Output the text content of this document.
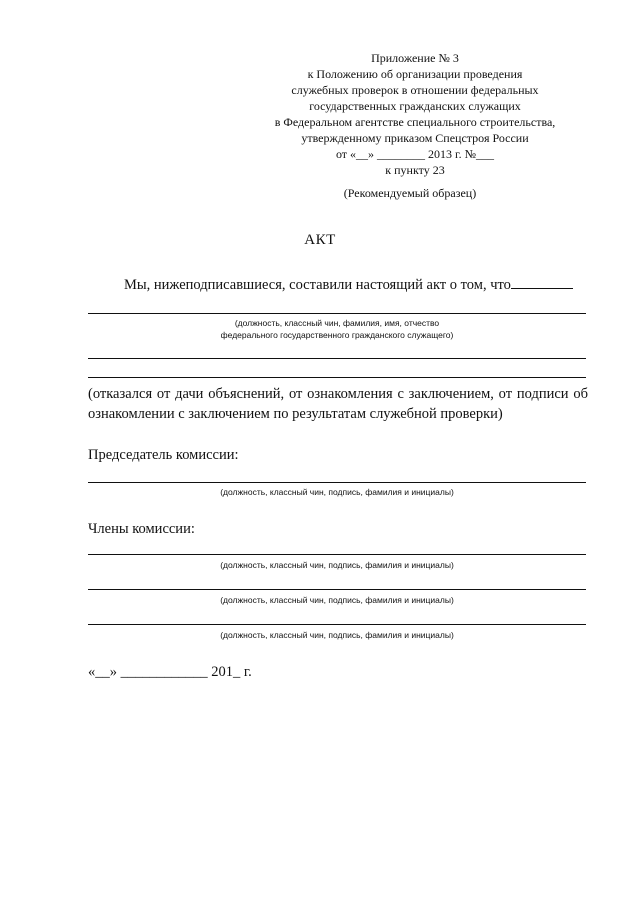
Приложение № 3
к Положению об организации проведения
служебных проверок в отношении федеральных
государственных гражданских служащих
в Федеральном агентстве специального строительства,
утвержденному приказом Спецстроя России
от «__» ________ 2013 г. №___
к пункту 23
(Рекомендуемый образец)
АКТ
Мы, нижеподписавшиеся, составили настоящий акт о том, что
(должность, классный чин, фамилия, имя, отчество
федерального государственного гражданского служащего)
(отказался от дачи объяснений, от ознакомления с заключением, от подписи об ознакомлении с заключением по результатам служебной проверки)
Председатель комиссии:
(должность, классный чин, подпись, фамилия и инициалы)
Члены комиссии:
(должность, классный чин, подпись, фамилия и инициалы)
(должность, классный чин, подпись, фамилия и инициалы)
(должность, классный чин, подпись, фамилия и инициалы)
«__» ____________ 201_ г.
